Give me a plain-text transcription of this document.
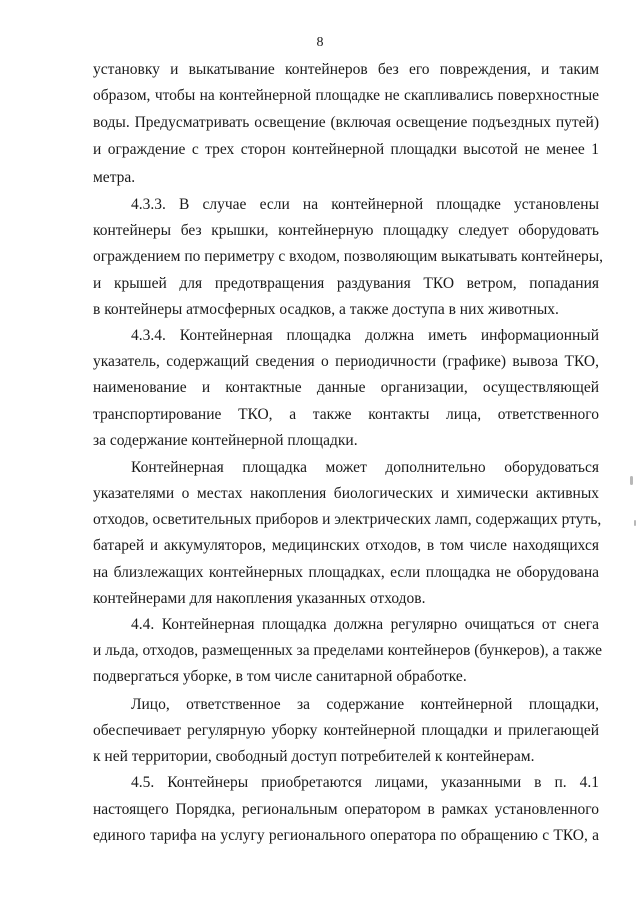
8
установку и выкатывание контейнеров без его повреждения, и таким
образом, чтобы на контейнерной площадке не скапливались поверхностные
воды. Предусматривать освещение (включая освещение подъездных путей)
и ограждение с трех сторон контейнерной площадки высотой не менее 1
метра.
4.3.3. В случае если на контейнерной площадке установлены
контейнеры без крышки, контейнерную площадку следует оборудовать
ограждением по периметру с входом, позволяющим выкатывать контейнеры,
и крышей для предотвращения раздувания ТКО ветром, попадания
в контейнеры атмосферных осадков, а также доступа в них животных.
4.3.4. Контейнерная площадка должна иметь информационный
указатель, содержащий сведения о периодичности (графике) вывоза ТКО,
наименование и контактные данные организации, осуществляющей
транспортирование ТКО, а также контакты лица, ответственного
за содержание контейнерной площадки.
Контейнерная площадка может дополнительно оборудоваться
указателями о местах накопления биологических и химически активных
отходов, осветительных приборов и электрических ламп, содержащих ртуть,
батарей и аккумуляторов, медицинских отходов, в том числе находящихся
на близлежащих контейнерных площадках, если площадка не оборудована
контейнерами для накопления указанных отходов.
4.4. Контейнерная площадка должна регулярно очищаться от снега
и льда, отходов, размещенных за пределами контейнеров (бункеров), а также
подвергаться уборке, в том числе санитарной обработке.
Лицо, ответственное за содержание контейнерной площадки,
обеспечивает регулярную уборку контейнерной площадки и прилегающей
к ней территории, свободный доступ потребителей к контейнерам.
4.5. Контейнеры приобретаются лицами, указанными в п. 4.1
настоящего Порядка, региональным оператором в рамках установленного
единого тарифа на услугу регионального оператора по обращению с ТКО, а
